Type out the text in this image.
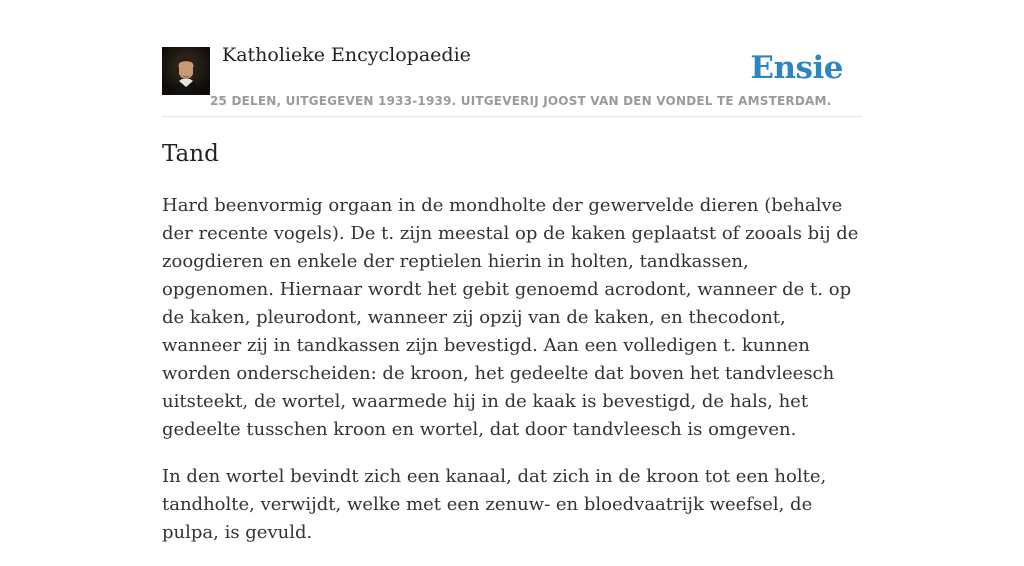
Katholieke Encyclopaedie	Ensie
25 DELEN, UITGEGEVEN 1933-1939. UITGEVERIJ JOOST VAN DEN VONDEL TE AMSTERDAM.
Tand

Hard beenvormig orgaan in de mondholte der gewervelde dieren (behalve der recente vogels). De t. zijn meestal op de kaken geplaatst of zooals bij de zoogdieren en enkele der reptielen hierin in holten, tandkassen, opgenomen. Hiernaar wordt het gebit genoemd acrodont, wanneer de t. op de kaken, pleurodont, wanneer zij opzij van de kaken, en thecodont, wanneer zij in tandkassen zijn bevestigd. Aan een volledigen t. kunnen worden onderscheiden: de kroon, het gedeelte dat boven het tandvleesch uitsteekt, de wortel, waarmede hij in de kaak is bevestigd, de hals, het gedeelte tusschen kroon en wortel, dat door tandvleesch is omgeven.

In den wortel bevindt zich een kanaal, dat zich in de kroon tot een holte, tandholte, verwijdt, welke met een zenuw- en bloedvaatrijk weefsel, de pulpa, is gevuld.
